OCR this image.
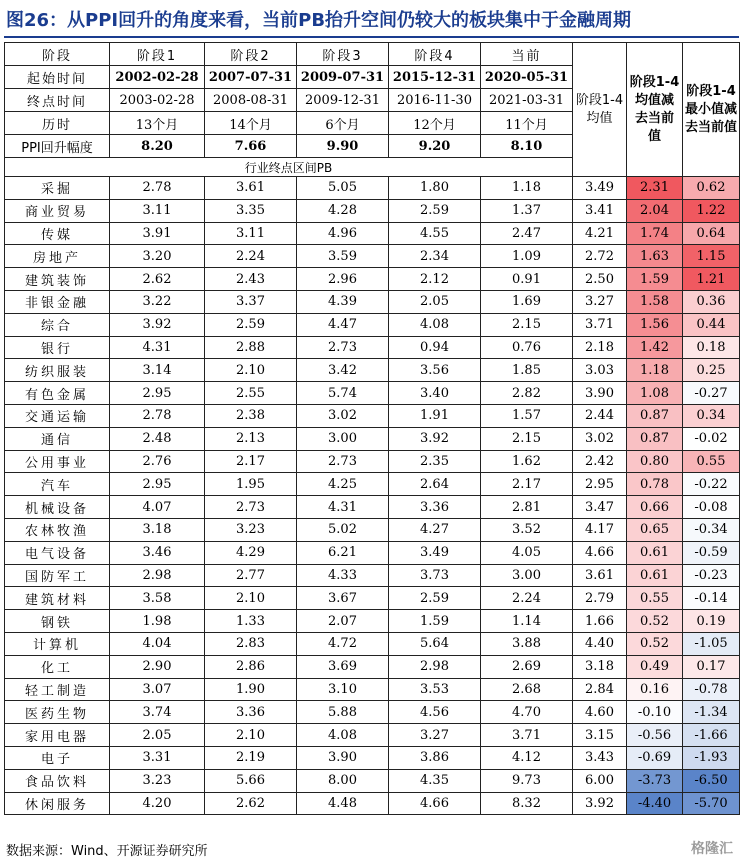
图26：从PPI回升的角度来看，当前PB抬升空间仍较大的板块集中于金融周期
阶段	阶段1	阶段2	阶段3	阶段4	当前	阶段1-4均值	阶段1-4均值减去当前值	阶段1-4最小值减去当前值
起始时间	2002-02-28	2007-07-31	2009-07-31	2015-12-31	2020-05-31			
终点时间	2003-02-28	2008-08-31	2009-12-31	2016-11-30	2021-03-31			
历时	13个月	14个月	6个月	12个月	11个月			
PPI回升幅度	8.20	7.66	9.90	9.20	8.10			
行业终点区间PB								
采掘	2.78	3.61	5.05	1.80	1.18	3.49	2.31	0.62
商业贸易	3.11	3.35	4.28	2.59	1.37	3.41	2.04	1.22
传媒	3.91	3.11	4.96	4.55	2.47	4.21	1.74	0.64
房地产	3.20	2.24	3.59	2.34	1.09	2.72	1.63	1.15
建筑装饰	2.62	2.43	2.96	2.12	0.91	2.50	1.59	1.21
非银金融	3.22	3.37	4.39	2.05	1.69	3.27	1.58	0.36
综合	3.92	2.59	4.47	4.08	2.15	3.71	1.56	0.44
银行	4.31	2.88	2.73	0.94	0.76	2.18	1.42	0.18
纺织服装	3.14	2.10	3.42	3.56	1.85	3.03	1.18	0.25
有色金属	2.95	2.55	5.74	3.40	2.82	3.90	1.08	-0.27
交通运输	2.78	2.38	3.02	1.91	1.57	2.44	0.87	0.34
通信	2.48	2.13	3.00	3.92	2.15	3.02	0.87	-0.02
公用事业	2.76	2.17	2.73	2.35	1.62	2.42	0.80	0.55
汽车	2.95	1.95	4.25	2.64	2.17	2.95	0.78	-0.22
机械设备	4.07	2.73	4.31	3.36	2.81	3.47	0.66	-0.08
农林牧渔	3.18	3.23	5.02	4.27	3.52	4.17	0.65	-0.34
电气设备	3.46	4.29	6.21	3.49	4.05	4.66	0.61	-0.59
国防军工	2.98	2.77	4.33	3.73	3.00	3.61	0.61	-0.23
建筑材料	3.58	2.10	3.67	2.59	2.24	2.79	0.55	-0.14
钢铁	1.98	1.33	2.07	1.59	1.14	1.66	0.52	0.19
计算机	4.04	2.83	4.72	5.64	3.88	4.40	0.52	-1.05
化工	2.90	2.86	3.69	2.98	2.69	3.18	0.49	0.17
轻工制造	3.07	1.90	3.10	3.53	2.68	2.84	0.16	-0.78
医药生物	3.74	3.36	5.88	4.56	4.70	4.60	-0.10	-1.34
家用电器	2.05	2.10	4.08	3.27	3.71	3.15	-0.56	-1.66
电子	3.31	2.19	3.90	3.86	4.12	3.43	-0.69	-1.93
食品饮料	3.23	5.66	8.00	4.35	9.73	6.00	-3.73	-6.50
休闲服务	4.20	2.62	4.48	4.66	8.32	3.92	-4.40	-5.70
数据来源：Wind、开源证券研究所	格隆汇
